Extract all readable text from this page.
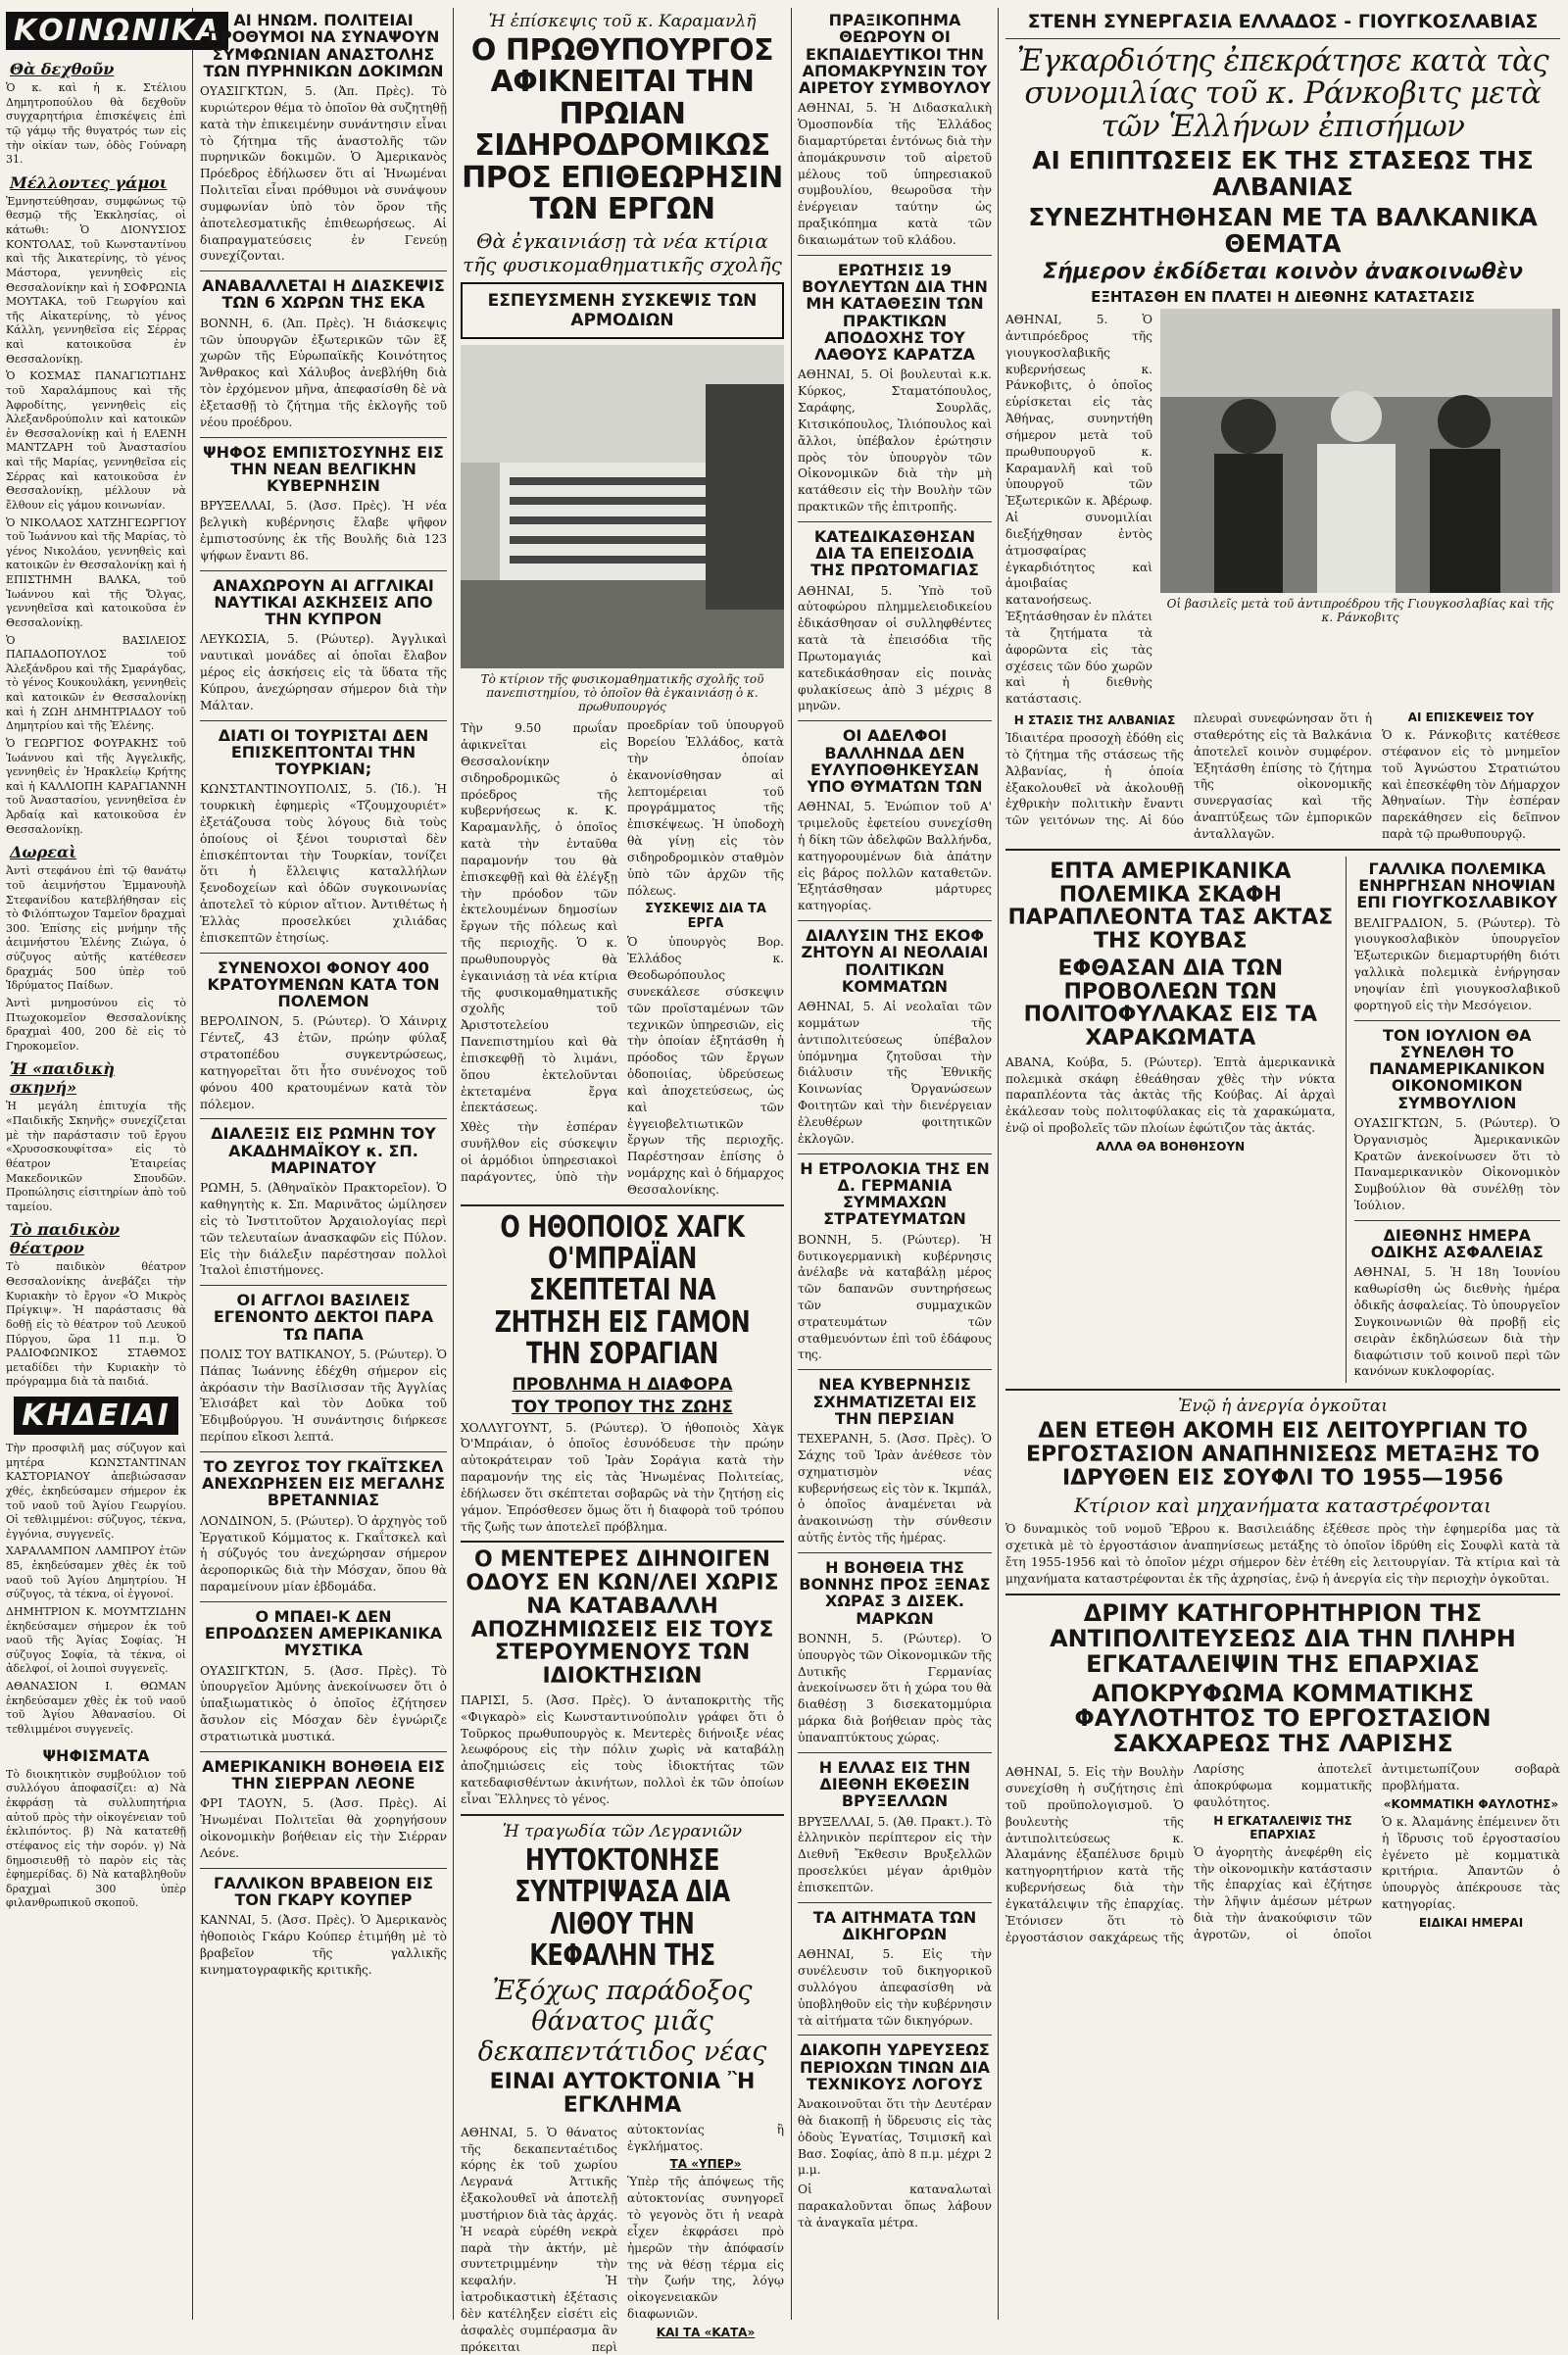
ΚΟΙΝΩΝΙΚΑ
Θὰ δεχθοῦν

Ὁ κ. καὶ ἡ κ. Στέλιου Δημητροπούλου θὰ δεχθοῦν συγχαρητήρια ἐπισκέψεις ἐπὶ τῷ γάμῳ τῆς θυγατρός των εἰς τὴν οἰκίαν των, ὁδὸς Γούναρη 31.

Μέλλοντες γάμοι

Ἐμνηστεύθησαν, συμφώνως τῷ θεσμῷ τῆς Ἐκκλησίας, οἱ κάτωθι: Ὁ ΔΙΟΝΥΣΙΟΣ ΚΟΝΤΟΛΑΣ, τοῦ Κωνσταντίνου καὶ τῆς Ἀικατερίνης, τὸ γένος Μάστορα, γεννηθεὶς εἰς Θεσσαλονίκην καὶ ἡ ΣΟΦΡΩΝΙΑ ΜΟΥΤΑΚΑ, τοῦ Γεωργίου καὶ τῆς Αἰκατερίνης, τὸ γένος Κάλλη, γεννηθεῖσα εἰς Σέρρας καὶ κατοικοῦσα ἐν Θεσσαλονίκῃ.

Ὁ ΚΟΣΜΑΣ ΠΑΝΑΓΙΩΤΙΔΗΣ τοῦ Χαραλάμπους καὶ τῆς Ἀφροδίτης, γεννηθεὶς εἰς Ἀλεξανδρούπολιν καὶ κατοικῶν ἐν Θεσσαλονίκῃ καὶ ἡ ΕΛΕΝΗ ΜΑΝΤΖΑΡΗ τοῦ Ἀναστασίου καὶ τῆς Μαρίας, γεννηθεῖσα εἰς Σέρρας καὶ κατοικοῦσα ἐν Θεσσαλονίκῃ, μέλλουν νὰ ἔλθουν εἰς γάμου κοινωνίαν.

Ὁ ΝΙΚΟΛΑΟΣ ΧΑΤΖΗΓΕΩΡΓΙΟΥ τοῦ Ἰωάννου καὶ τῆς Μαρίας, τὸ γένος Νικολάου, γεννηθεὶς καὶ κατοικῶν ἐν Θεσσαλονίκῃ καὶ ἡ ΕΠΙΣΤΗΜΗ ΒΑΛΚΑ, τοῦ Ἰωάννου καὶ τῆς Ὄλγας, γεννηθεῖσα καὶ κατοικοῦσα ἐν Θεσσαλονίκῃ.

Ὁ ΒΑΣΙΛΕΙΟΣ ΠΑΠΑΔΟΠΟΥΛΟΣ τοῦ Ἀλεξάνδρου καὶ τῆς Σμαράγδας, τὸ γένος Κουκουλάκη, γεννηθεὶς καὶ κατοικῶν ἐν Θεσσαλονίκῃ καὶ ἡ ΖΩΗ ΔΗΜΗΤΡΙΑΔΟΥ τοῦ Δημητρίου καὶ τῆς Ἐλένης.

Ὁ ΓΕΩΡΓΙΟΣ ΦΟΥΡΑΚΗΣ τοῦ Ἰωάννου καὶ τῆς Ἀγγελικῆς, γεννηθεὶς ἐν Ἡρακλείῳ Κρήτης καὶ ἡ ΚΑΛΛΙΟΠΗ ΚΑΡΑΓΙΑΝΝΗ τοῦ Ἀναστασίου, γεννηθεῖσα ἐν Ἀρδαίᾳ καὶ κατοικοῦσα ἐν Θεσσαλονίκῃ.

Δωρεαὶ

Ἀντὶ στεφάνου ἐπὶ τῷ θανάτῳ τοῦ ἀειμνήστου Ἐμμανουὴλ Στεφανίδου κατεβλήθησαν εἰς τὸ Φιλόπτωχον Ταμεῖον δραχμαὶ 300. Ἐπίσης εἰς μνήμην τῆς ἀειμνήστου Ἐλένης Ζιώγα, ὁ σύζυγος αὐτῆς κατέθεσεν δραχμάς 500 ὑπὲρ τοῦ Ἱδρύματος Παίδων.

Ἀντὶ μνημοσύνου εἰς τὸ Πτωχοκομεῖον Θεσσαλονίκης δραχμαὶ 400, 200 δὲ εἰς τὸ Γηροκομεῖον.

Ἡ «παιδικὴ σκηνή»

Ἡ μεγάλη ἐπιτυχία τῆς «Παιδικῆς Σκηνῆς» συνεχίζεται μὲ τὴν παράστασιν τοῦ ἔργου «Χρυσοσκουφίτσα» εἰς τὸ θέατρον Ἑταιρείας Μακεδονικῶν Σπουδῶν. Προπώλησις εἰσιτηρίων ἀπὸ τοῦ ταμείου.

Τὸ παιδικὸν θέατρον

Τὸ παιδικὸν θέατρον Θεσσαλονίκης ἀνεβάζει τὴν Κυριακὴν τὸ ἔργον «Ὁ Μικρὸς Πρίγκιψ». Ἡ παράστασις θὰ δοθῇ εἰς τὸ θέατρον τοῦ Λευκοῦ Πύργου, ὥρα 11 π.μ. Ὁ ΡΑΔΙΟΦΩΝΙΚΟΣ ΣΤΑΘΜΟΣ μεταδίδει τὴν Κυριακὴν τὸ πρόγραμμα διὰ τὰ παιδιά.

ΚΗΔΕΙΑΙ

Τὴν προσφιλῆ μας σύζυγον καὶ μητέρα ΚΩΝΣΤΑΝΤΙΝΑΝ ΚΑΣΤΟΡΙΑΝΟΥ ἀπεβιώσασαν χθές, ἐκηδεύσαμεν σήμερον ἐκ τοῦ ναοῦ τοῦ Ἁγίου Γεωργίου. Οἱ τεθλιμμένοι: σύζυγος, τέκνα, ἐγγόνια, συγγενεῖς.

ΧΑΡΑΛΑΜΠΟΝ ΛΑΜΠΡΟΥ ἐτῶν 85, ἐκηδεύσαμεν χθὲς ἐκ τοῦ ναοῦ τοῦ Ἁγίου Δημητρίου. Ἡ σύζυγος, τὰ τέκνα, οἱ ἐγγονοί.

ΔΗΜΗΤΡΙΟΝ Κ. ΜΟΥΜΤΖΙΔΗΝ ἐκηδεύσαμεν σήμερον ἐκ τοῦ ναοῦ τῆς Ἁγίας Σοφίας. Ἡ σύζυγος Σοφία, τὰ τέκνα, οἱ ἀδελφοί, οἱ λοιποὶ συγγενεῖς.

ΑΘΑΝΑΣΙΟΝ Ι. ΘΩΜΑΝ ἐκηδεύσαμεν χθὲς ἐκ τοῦ ναοῦ τοῦ Ἁγίου Ἀθανασίου. Οἱ τεθλιμμένοι συγγενεῖς.

ΨΗΦΙΣΜΑΤΑ

Τὸ διοικητικὸν συμβούλιον τοῦ συλλόγου ἀποφασίζει: α) Νὰ ἐκφράσῃ τὰ συλλυπητήρια αὐτοῦ πρὸς τὴν οἰκογένειαν τοῦ ἐκλιπόντος. β) Νὰ κατατεθῇ στέφανος εἰς τὴν σορόν. γ) Νὰ δημοσιευθῇ τὸ παρὸν εἰς τὰς ἐφημερίδας. δ) Νὰ καταβληθοῦν δραχμαὶ 300 ὑπὲρ φιλανθρωπικοῦ σκοποῦ.

ΑΙ ΗΝΩΜ. ΠΟΛΙΤΕΙΑΙ ΠΡΟΘΥΜΟΙ ΝΑ ΣΥΝΑΨΟΥΝ ΣΥΜΦΩΝΙΑΝ ΑΝΑΣΤΟΛΗΣ ΤΩΝ ΠΥΡΗΝΙΚΩΝ ΔΟΚΙΜΩΝ

ΟΥΑΣΙΓΚΤΩΝ, 5. (Ἀπ. Πρὲς). Τὸ κυριώτερον θέμα τὸ ὁποῖον θὰ συζητηθῇ κατὰ τὴν ἐπικειμένην συνάντησιν εἶναι τὸ ζήτημα τῆς ἀναστολῆς τῶν πυρηνικῶν δοκιμῶν. Ὁ Ἀμερικανὸς Πρόεδρος ἐδήλωσεν ὅτι αἱ Ἡνωμέναι Πολιτεῖαι εἶναι πρόθυμοι νὰ συνάψουν συμφωνίαν ὑπὸ τὸν ὅρον τῆς ἀποτελεσματικῆς ἐπιθεωρήσεως. Αἱ διαπραγματεύσεις ἐν Γενεύῃ συνεχίζονται.

ΑΝΑΒΑΛΛΕΤΑΙ Η ΔΙΑΣΚΕΨΙΣ ΤΩΝ 6 ΧΩΡΩΝ ΤΗΣ ΕΚΑ

ΒΟΝΝΗ, 6. (Ἀπ. Πρὲς). Ἡ διάσκεψις τῶν ὑπουργῶν ἐξωτερικῶν τῶν ἓξ χωρῶν τῆς Εὐρωπαϊκῆς Κοινότητος Ἄνθρακος καὶ Χάλυβος ἀνεβλήθη διὰ τὸν ἐρχόμενον μῆνα, ἀπεφασίσθη δὲ νὰ ἐξετασθῇ τὸ ζήτημα τῆς ἐκλογῆς τοῦ νέου προέδρου.

ΨΗΦΟΣ ΕΜΠΙΣΤΟΣΥΝΗΣ ΕΙΣ ΤΗΝ ΝΕΑΝ ΒΕΛΓΙΚΗΝ ΚΥΒΕΡΝΗΣΙΝ

ΒΡΥΞΕΛΛΑΙ, 5. (Ἀσσ. Πρὲς). Ἡ νέα βελγικὴ κυβέρνησις ἔλαβε ψῆφον ἐμπιστοσύνης ἐκ τῆς Βουλῆς διὰ 123 ψήφων ἔναντι 86.

ΑΝΑΧΩΡΟΥΝ ΑΙ ΑΓΓΛΙΚΑΙ ΝΑΥΤΙΚΑΙ ΑΣΚΗΣΕΙΣ ΑΠΟ ΤΗΝ ΚΥΠΡΟΝ

ΛΕΥΚΩΣΙΑ, 5. (Ρώυτερ). Ἀγγλικαὶ ναυτικαὶ μονάδες αἱ ὁποῖαι ἔλαβον μέρος εἰς ἀσκήσεις εἰς τὰ ὕδατα τῆς Κύπρου, ἀνεχώρησαν σήμερον διὰ τὴν Μάλταν.

ΔΙΑΤΙ ΟΙ ΤΟΥΡΙΣΤΑΙ ΔΕΝ ΕΠΙΣΚΕΠΤΟΝΤΑΙ ΤΗΝ ΤΟΥΡΚΙΑΝ;

ΚΩΝΣΤΑΝΤΙΝΟΥΠΟΛΙΣ, 5. (Ἰδ.). Ἡ τουρκικὴ ἐφημερὶς «Τζουμχουριέτ» ἐξετάζουσα τοὺς λόγους διὰ τοὺς ὁποίους οἱ ξένοι τουρισταὶ δὲν ἐπισκέπτονται τὴν Τουρκίαν, τονίζει ὅτι ἡ ἔλλειψις καταλλήλων ξενοδοχείων καὶ ὁδῶν συγκοινωνίας ἀποτελεῖ τὸ κύριον αἴτιον. Ἀντιθέτως ἡ Ἑλλὰς προσελκύει χιλιάδας ἐπισκεπτῶν ἐτησίως.

ΣΥΝΕΝΟΧΟΙ ΦΟΝΟΥ 400 ΚΡΑΤΟΥΜΕΝΩΝ ΚΑΤΑ ΤΟΝ ΠΟΛΕΜΟΝ

ΒΕΡΟΛΙΝΟΝ, 5. (Ρώυτερ). Ὁ Χάινριχ Γέντεζ, 43 ἐτῶν, πρώην φύλαξ στρατοπέδου συγκεντρώσεως, κατηγορεῖται ὅτι ἦτο συνένοχος τοῦ φόνου 400 κρατουμένων κατὰ τὸν πόλεμον.

ΔΙΑΛΕΞΙΣ ΕΙΣ ΡΩΜΗΝ ΤΟΥ ΑΚΑΔΗΜΑΪΚΟΥ κ. ΣΠ. ΜΑΡΙΝΑΤΟΥ

ΡΩΜΗ, 5. (Ἀθηναϊκὸν Πρακτορεῖον). Ὁ καθηγητὴς κ. Σπ. Μαρινᾶτος ὡμίλησεν εἰς τὸ Ἰνστιτοῦτον Ἀρχαιολογίας περὶ τῶν τελευταίων ἀνασκαφῶν εἰς Πύλον. Εἰς τὴν διάλεξιν παρέστησαν πολλοὶ Ἰταλοὶ ἐπιστήμονες.

ΟΙ ΑΓΓΛΟΙ ΒΑΣΙΛΕΙΣ ΕΓΕΝΟΝΤΟ ΔΕΚΤΟΙ ΠΑΡΑ ΤΩ ΠΑΠΑ

ΠΟΛΙΣ ΤΟΥ ΒΑΤΙΚΑΝΟΥ, 5. (Ρώυτερ). Ὁ Πάπας Ἰωάννης ἐδέχθη σήμερον εἰς ἀκρόασιν τὴν Βασίλισσαν τῆς Ἀγγλίας Ἐλισάβετ καὶ τὸν Δοῦκα τοῦ Ἐδιμβούργου. Ἡ συνάντησις διήρκεσε περίπου εἴκοσι λεπτά.

ΤΟ ΖΕΥΓΟΣ ΤΟΥ ΓΚΑΪΤΣΚΕΛ ΑΝΕΧΩΡΗΣΕΝ ΕΙΣ ΜΕΓΑΛΗΣ ΒΡΕΤΑΝΝΙΑΣ

ΛΟΝΔΙΝΟΝ, 5. (Ρώυτερ). Ὁ ἀρχηγὸς τοῦ Ἐργατικοῦ Κόμματος κ. Γκαΐτσκελ καὶ ἡ σύζυγός του ἀνεχώρησαν σήμερον ἀεροπορικῶς διὰ τὴν Μόσχαν, ὅπου θὰ παραμείνουν μίαν ἑβδομάδα.

Ο ΜΠΑΕΙ-Κ ΔΕΝ ΕΠΡΟΔΩΣΕΝ ΑΜΕΡΙΚΑΝΙΚΑ ΜΥΣΤΙΚΑ

ΟΥΑΣΙΓΚΤΩΝ, 5. (Ἀσσ. Πρὲς). Τὸ ὑπουργεῖον Ἀμύνης ἀνεκοίνωσεν ὅτι ὁ ὑπαξιωματικὸς ὁ ὁποῖος ἐζήτησεν ἄσυλον εἰς Μόσχαν δὲν ἐγνώριζε στρατιωτικὰ μυστικά.

ΑΜΕΡΙΚΑΝΙΚΗ ΒΟΗΘΕΙΑ ΕΙΣ ΤΗΝ ΣΙΕΡΡΑΝ ΛΕΟΝΕ

ΦΡΙ ΤΑΟΥΝ, 5. (Ἀσσ. Πρὲς). Αἱ Ἡνωμέναι Πολιτεῖαι θὰ χορηγήσουν οἰκονομικὴν βοήθειαν εἰς τὴν Σιέρραν Λεόνε.

ΓΑΛΛΙΚΟΝ ΒΡΑΒΕΙΟΝ ΕΙΣ ΤΟΝ ΓΚΑΡΥ ΚΟΥΠΕΡ

ΚΑΝΝΑΙ, 5. (Ἀσσ. Πρὲς). Ὁ Ἀμερικανὸς ἠθοποιὸς Γκάρυ Κούπερ ἐτιμήθη μὲ τὸ βραβεῖον τῆς γαλλικῆς κινηματογραφικῆς κριτικῆς.

Ἡ ἐπίσκεψις τοῦ κ. Καραμανλῆ
Ο ΠΡΩΘΥΠΟΥΡΓΟΣ ΑΦΙΚΝΕΙΤΑΙ ΤΗΝ ΠΡΩΙΑΝ ΣΙΔΗΡΟΔΡΟΜΙΚΩΣ ΠΡΟΣ ΕΠΙΘΕΩΡΗΣΙΝ ΤΩΝ ΕΡΓΩΝ
Θὰ ἐγκαινιάσῃ τὰ νέα κτίρια τῆς φυσικομαθηματικῆς σχολῆς
ΕΣΠΕΥΣΜΕΝΗ ΣΥΣΚΕΨΙΣ ΤΩΝ ΑΡΜΟΔΙΩΝ
Τὸ κτίριον τῆς φυσικομαθηματικῆς σχολῆς τοῦ πανεπιστημίου, τὸ ὁποῖον θὰ ἐγκαινιάσῃ ὁ κ. πρωθυπουργός

Τὴν 9.50 πρωΐαν ἀφικνεῖται εἰς Θεσσαλονίκην σιδηροδρομικῶς ὁ πρόεδρος τῆς κυβερνήσεως κ. Κ. Καραμανλῆς, ὁ ὁποῖος κατὰ τὴν ἐνταῦθα παραμονήν του θὰ ἐπισκεφθῇ καὶ θὰ ἐλέγξῃ τὴν πρόοδον τῶν ἐκτελουμένων δημοσίων ἔργων τῆς πόλεως καὶ τῆς περιοχῆς. Ὁ κ. πρωθυπουργὸς θὰ ἐγκαινιάσῃ τὰ νέα κτίρια τῆς φυσικομαθηματικῆς σχολῆς τοῦ Ἀριστοτελείου Πανεπιστημίου καὶ θὰ ἐπισκεφθῇ τὸ λιμάνι, ὅπου ἐκτελοῦνται ἐκτεταμένα ἔργα ἐπεκτάσεως.

Χθὲς τὴν ἑσπέραν συνῆλθον εἰς σύσκεψιν οἱ ἁρμόδιοι ὑπηρεσιακοὶ παράγοντες, ὑπὸ τὴν προεδρίαν τοῦ ὑπουργοῦ Βορείου Ἑλλάδος, κατὰ τὴν ὁποίαν ἐκανονίσθησαν αἱ λεπτομέρειαι τοῦ προγράμματος τῆς ἐπισκέψεως. Ἡ ὑποδοχὴ θὰ γίνῃ εἰς τὸν σιδηροδρομικὸν σταθμὸν ὑπὸ τῶν ἀρχῶν τῆς πόλεως.

ΣΥΣΚΕΨΙΣ ΔΙΑ ΤΑ ΕΡΓΑ

Ὁ ὑπουργὸς Βορ. Ἑλλάδος κ. Θεοδωρόπουλος συνεκάλεσε σύσκεψιν τῶν προϊσταμένων τῶν τεχνικῶν ὑπηρεσιῶν, εἰς τὴν ὁποίαν ἐξητάσθη ἡ πρόοδος τῶν ἔργων ὁδοποιίας, ὑδρεύσεως καὶ ἀποχετεύσεως, ὡς καὶ τῶν ἐγγειοβελτιωτικῶν ἔργων τῆς περιοχῆς. Παρέστησαν ἐπίσης ὁ νομάρχης καὶ ὁ δήμαρχος Θεσσαλονίκης.

Ο ΗΘΟΠΟΙΟΣ ΧΑΓΚ Ο'ΜΠΡΑΪΑΝ ΣΚΕΠΤΕΤΑΙ ΝΑ ΖΗΤΗΣΗ ΕΙΣ ΓΑΜΟΝ ΤΗΝ ΣΟΡΑΓΙΑΝ
ΠΡΟΒΛΗΜΑ Η ΔΙΑΦΟΡΑ
ΤΟΥ ΤΡΟΠΟΥ ΤΗΣ ΖΩΗΣ

ΧΟΛΛΥΓΟΥΝΤ, 5. (Ρώυτερ). Ὁ ἠθοποιὸς Χὰγκ Ὀ'Μπράιαν, ὁ ὁποῖος ἐσυνόδευσε τὴν πρώην αὐτοκράτειραν τοῦ Ἰρὰν Σοράγια κατὰ τὴν παραμονήν της εἰς τὰς Ἡνωμένας Πολιτείας, ἐδήλωσεν ὅτι σκέπτεται σοβαρῶς νὰ τὴν ζητήσῃ εἰς γάμον. Ἐπρόσθεσεν ὅμως ὅτι ἡ διαφορὰ τοῦ τρόπου τῆς ζωῆς των ἀποτελεῖ πρόβλημα.

Ο ΜΕΝΤΕΡΕΣ ΔΙΗΝΟΙΓΕΝ ΟΔΟΥΣ ΕΝ ΚΩΝ/ΛΕΙ ΧΩΡΙΣ ΝΑ ΚΑΤΑΒΑΛΛΗ ΑΠΟΖΗΜΙΩΣΕΙΣ ΕΙΣ ΤΟΥΣ ΣΤΕΡΟΥΜΕΝΟΥΣ ΤΩΝ ΙΔΙΟΚΤΗΣΙΩΝ

ΠΑΡΙΣΙ, 5. (Ἀσσ. Πρὲς). Ὁ ἀνταποκριτὴς τῆς «Φιγκαρὸ» εἰς Κωνσταντινούπολιν γράφει ὅτι ὁ Τοῦρκος πρωθυπουργὸς κ. Μεντερὲς διήνοιξε νέας λεωφόρους εἰς τὴν πόλιν χωρὶς νὰ καταβάλῃ ἀποζημιώσεις εἰς τοὺς ἰδιοκτήτας τῶν κατεδαφισθέντων ἀκινήτων, πολλοὶ ἐκ τῶν ὁποίων εἶναι Ἕλληνες τὸ γένος.

Ἡ τραγωδία τῶν Λεγρανιῶν
ΗΥΤΟΚΤΟΝΗΣΕ ΣΥΝΤΡΙΨΑΣΑ ΔΙΑ ΛΙΘΟΥ ΤΗΝ ΚΕΦΑΛΗΝ ΤΗΣ
Ἐξόχως παράδοξος θάνατος μιᾶς δεκαπεντάτιδος νέας
ΕΙΝΑΙ ΑΥΤΟΚΤΟΝΙΑ Ἢ ΕΓΚΛΗΜΑ

ΑΘΗΝΑΙ, 5. Ὁ θάνατος τῆς δεκαπενταέτιδος κόρης ἐκ τοῦ χωρίου Λεγρανά Ἀττικῆς ἐξακολουθεῖ νὰ ἀποτελῇ μυστήριον διὰ τὰς ἀρχάς. Ἡ νεαρὰ εὑρέθη νεκρὰ παρὰ τὴν ἀκτήν, μὲ συντετριμμένην τὴν κεφαλήν. Ἡ ἰατροδικαστικὴ ἐξέτασις δὲν κατέληξεν εἰσέτι εἰς ἀσφαλὲς συμπέρασμα ἂν πρόκειται περὶ αὐτοκτονίας ἢ ἐγκλήματος.

ΤΑ «ΥΠΕΡ»

Ὑπὲρ τῆς ἀπόψεως τῆς αὐτοκτονίας συνηγορεῖ τὸ γεγονὸς ὅτι ἡ νεαρὰ εἶχεν ἐκφράσει πρὸ ἡμερῶν τὴν ἀπόφασίν της νὰ θέσῃ τέρμα εἰς τὴν ζωήν της, λόγῳ οἰκογενειακῶν διαφωνιῶν.

ΚΑΙ ΤΑ «ΚΑΤΑ»
ΠΡΑΞΙΚΟΠΗΜΑ ΘΕΩΡΟΥΝ ΟΙ ΕΚΠΑΙΔΕΥΤΙΚΟΙ ΤΗΝ ΑΠΟΜΑΚΡΥΝΣΙΝ ΤΟΥ ΑΙΡΕΤΟΥ ΣΥΜΒΟΥΛΟΥ

ΑΘΗΝΑΙ, 5. Ἡ Διδασκαλικὴ Ὁμοσπονδία τῆς Ἑλλάδος διαμαρτύρεται ἐντόνως διὰ τὴν ἀπομάκρυνσιν τοῦ αἱρετοῦ μέλους τοῦ ὑπηρεσιακοῦ συμβουλίου, θεωροῦσα τὴν ἐνέργειαν ταύτην ὡς πραξικόπημα κατὰ τῶν δικαιωμάτων τοῦ κλάδου.

ΕΡΩΤΗΣΙΣ 19 ΒΟΥΛΕΥΤΩΝ ΔΙΑ ΤΗΝ ΜΗ ΚΑΤΑΘΕΣΙΝ ΤΩΝ ΠΡΑΚΤΙΚΩΝ ΑΠΟΔΟΧΗΣ ΤΟΥ ΛΑΘΟΥΣ ΚΑΡΑΤΖΑ

ΑΘΗΝΑΙ, 5. Οἱ βουλευταὶ κ.κ. Κύρκος, Σταματόπουλος, Σαράφης, Σουρλᾶς, Κιτσικόπουλος, Ἰλιόπουλος καὶ ἄλλοι, ὑπέβαλον ἐρώτησιν πρὸς τὸν ὑπουργὸν τῶν Οἰκονομικῶν διὰ τὴν μὴ κατάθεσιν εἰς τὴν Βουλὴν τῶν πρακτικῶν τῆς ἐπιτροπῆς.

ΚΑΤΕΔΙΚΑΣΘΗΣΑΝ ΔΙΑ ΤΑ ΕΠΕΙΣΟΔΙΑ ΤΗΣ ΠΡΩΤΟΜΑΓΙΑΣ

ΑΘΗΝΑΙ, 5. Ὑπὸ τοῦ αὐτοφώρου πλημμελειοδικείου ἐδικάσθησαν οἱ συλληφθέντες κατὰ τὰ ἐπεισόδια τῆς Πρωτομαγιάς καὶ κατεδικάσθησαν εἰς ποινὰς φυλακίσεως ἀπὸ 3 μέχρις 8 μηνῶν.

ΟΙ ΑΔΕΛΦΟΙ ΒΑΛΛΗΝΔΑ ΔΕΝ ΕΥΛΥΠΟΘΗΚΕΥΣΑΝ ΥΠΟ ΘΥΜΑΤΩΝ ΤΩΝ

ΑΘΗΝΑΙ, 5. Ἐνώπιον τοῦ Α' τριμελοῦς ἐφετείου συνεχίσθη ἡ δίκη τῶν ἀδελφῶν Βαλλήνδα, κατηγορουμένων διὰ ἀπάτην εἰς βάρος πολλῶν καταθετῶν. Ἐξητάσθησαν μάρτυρες κατηγορίας.

ΔΙΑΛΥΣΙΝ ΤΗΣ ΕΚΟΦ ΖΗΤΟΥΝ ΑΙ ΝΕΟΛΑΙΑΙ ΠΟΛΙΤΙΚΩΝ ΚΟΜΜΑΤΩΝ

ΑΘΗΝΑΙ, 5. Αἱ νεολαῖαι τῶν κομμάτων τῆς ἀντιπολιτεύσεως ὑπέβαλον ὑπόμνημα ζητοῦσαι τὴν διάλυσιν τῆς Ἐθνικῆς Κοινωνίας Ὀργανώσεων Φοιτητῶν καὶ τὴν διενέργειαν ἐλευθέρων φοιτητικῶν ἐκλογῶν.

Η ΕΤΡΟΛΟΚΙΑ ΤΗΣ ΕΝ Δ. ΓΕΡΜΑΝΙΑ ΣΥΜΜΑΧΩΝ ΣΤΡΑΤΕΥΜΑΤΩΝ

ΒΟΝΝΗ, 5. (Ρώυτερ). Ἡ δυτικογερμανικὴ κυβέρνησις ἀνέλαβε νὰ καταβάλῃ μέρος τῶν δαπανῶν συντηρήσεως τῶν συμμαχικῶν στρατευμάτων τῶν σταθμευόντων ἐπὶ τοῦ ἐδάφους της.

ΝΕΑ ΚΥΒΕΡΝΗΣΙΣ ΣΧΗΜΑΤΙΖΕΤΑΙ ΕΙΣ ΤΗΝ ΠΕΡΣΙΑΝ

ΤΕΧΕΡΑΝΗ, 5. (Ἀσσ. Πρὲς). Ὁ Σάχης τοῦ Ἰρὰν ἀνέθεσε τὸν σχηματισμὸν νέας κυβερνήσεως εἰς τὸν κ. Ἰκμπάλ, ὁ ὁποῖος ἀναμένεται νὰ ἀνακοινώσῃ τὴν σύνθεσιν αὐτῆς ἐντὸς τῆς ἡμέρας.

Η ΒΟΗΘΕΙΑ ΤΗΣ ΒΟΝΝΗΣ ΠΡΟΣ ΞΕΝΑΣ ΧΩΡΑΣ 3 ΔΙΣΕΚ. ΜΑΡΚΩΝ

ΒΟΝΝΗ, 5. (Ρώυτερ). Ὁ ὑπουργὸς τῶν Οἰκονομικῶν τῆς Δυτικῆς Γερμανίας ἀνεκοίνωσεν ὅτι ἡ χώρα του θὰ διαθέσῃ 3 δισεκατομμύρια μάρκα διὰ βοήθειαν πρὸς τὰς ὑπαναπτύκτους χώρας.

Η ΕΛΛΑΣ ΕΙΣ ΤΗΝ ΔΙΕΘΝΗ ΕΚΘΕΣΙΝ ΒΡΥΞΕΛΛΩΝ

ΒΡΥΞΕΛΛΑΙ, 5. (Ἀθ. Πρακτ.). Τὸ ἑλληνικὸν περίπτερον εἰς τὴν Διεθνῆ Ἔκθεσιν Βρυξελλῶν προσελκύει μέγαν ἀριθμὸν ἐπισκεπτῶν.

ΤΑ ΑΙΤΗΜΑΤΑ ΤΩΝ ΔΙΚΗΓΟΡΩΝ

ΑΘΗΝΑΙ, 5. Εἰς τὴν συνέλευσιν τοῦ δικηγορικοῦ συλλόγου ἀπεφασίσθη νὰ ὑποβληθοῦν εἰς τὴν κυβέρνησιν τὰ αἰτήματα τῶν δικηγόρων.

ΔΙΑΚΟΠΗ ΥΔΡΕΥΣΕΩΣ ΠΕΡΙΟΧΩΝ ΤΙΝΩΝ ΔΙΑ ΤΕΧΝΙΚΟΥΣ ΛΟΓΟΥΣ

Ἀνακοινοῦται ὅτι τὴν Δευτέραν θὰ διακοπῇ ἡ ὕδρευσις εἰς τὰς ὁδοὺς Ἐγνατίας, Τσιμισκῆ καὶ Βασ. Σοφίας, ἀπὸ 8 π.μ. μέχρι 2 μ.μ.

Οἱ καταναλωταὶ παρακαλοῦνται ὅπως λάβουν τὰ ἀναγκαῖα μέτρα.

ΣΤΕΝΗ ΣΥΝΕΡΓΑΣΙΑ ΕΛΛΑΔΟΣ - ΓΙΟΥΓΚΟΣΛΑΒΙΑΣ
Ἐγκαρδιότης ἐπεκράτησε κατὰ τὰς συνομιλίας τοῦ κ. Ράνκοβιτς μετὰ τῶν Ἑλλήνων ἐπισήμων
ΑΙ ΕΠΙΠΤΩΣΕΙΣ ΕΚ ΤΗΣ ΣΤΑΣΕΩΣ ΤΗΣ ΑΛΒΑΝΙΑΣ
ΣΥΝΕΖΗΤΗΘΗΣΑΝ ΜΕ ΤΑ ΒΑΛΚΑΝΙΚΑ ΘΕΜΑΤΑ
Σήμερον ἐκδίδεται κοινὸν ἀνακοινωθὲν
ΕΞΗΤΑΣΘΗ ΕΝ ΠΛΑΤΕΙ Η ΔΙΕΘΝΗΣ ΚΑΤΑΣΤΑΣΙΣ

ΑΘΗΝΑΙ, 5. Ὁ ἀντιπρόεδρος τῆς γιουγκοσλαβικῆς κυβερνήσεως κ. Ράνκοβιτς, ὁ ὁποῖος εὑρίσκεται εἰς τὰς Ἀθήνας, συνηντήθη σήμερον μετὰ τοῦ πρωθυπουργοῦ κ. Καραμανλῆ καὶ τοῦ ὑπουργοῦ τῶν Ἐξωτερικῶν κ. Ἀβέρωφ. Αἱ συνομιλίαι διεξήχθησαν ἐντὸς ἀτμοσφαίρας ἐγκαρδιότητος καὶ ἀμοιβαίας κατανοήσεως. Ἐξητάσθησαν ἐν πλάτει τὰ ζητήματα τὰ ἀφορῶντα εἰς τὰς σχέσεις τῶν δύο χωρῶν καὶ ἡ διεθνὴς κατάστασις.

Οἱ βασιλεῖς μετὰ τοῦ ἀντιπροέδρου τῆς Γιουγκοσλαβίας καὶ τῆς κ. Ράνκοβιτς
Η ΣΤΑΣΙΣ ΤΗΣ ΑΛΒΑΝΙΑΣ

Ἰδιαιτέρα προσοχὴ ἐδόθη εἰς τὸ ζήτημα τῆς στάσεως τῆς Ἀλβανίας, ἡ ὁποία ἐξακολουθεῖ νὰ ἀκολουθῇ ἐχθρικὴν πολιτικὴν ἔναντι τῶν γειτόνων της. Αἱ δύο πλευραὶ συνεφώνησαν ὅτι ἡ σταθερότης εἰς τὰ Βαλκάνια ἀποτελεῖ κοινὸν συμφέρον. Ἐξητάσθη ἐπίσης τὸ ζήτημα τῆς οἰκονομικῆς συνεργασίας καὶ τῆς ἀναπτύξεως τῶν ἐμπορικῶν ἀνταλλαγῶν.

ΑΙ ΕΠΙΣΚΕΨΕΙΣ ΤΟΥ

Ὁ κ. Ράνκοβιτς κατέθεσε στέφανον εἰς τὸ μνημεῖον τοῦ Ἀγνώστου Στρατιώτου καὶ ἐπεσκέφθη τὸν Δήμαρχον Ἀθηναίων. Τὴν ἑσπέραν παρεκάθησεν εἰς δεῖπνον παρὰ τῷ πρωθυπουργῷ.

ΕΠΤΑ ΑΜΕΡΙΚΑΝΙΚΑ ΠΟΛΕΜΙΚΑ ΣΚΑΦΗ ΠΑΡΑΠΛΕΟΝΤΑ ΤΑΣ ΑΚΤΑΣ ΤΗΣ ΚΟΥΒΑΣ
ΕΦΘΑΣΑΝ ΔΙΑ ΤΩΝ ΠΡΟΒΟΛΕΩΝ ΤΩΝ ΠΟΛΙΤΟΦΥΛΑΚΑΣ ΕΙΣ ΤΑ ΧΑΡΑΚΩΜΑΤΑ

ΑΒΑΝΑ, Κούβα, 5. (Ρώυτερ). Ἑπτὰ ἀμερικανικὰ πολεμικὰ σκάφη ἐθεάθησαν χθὲς τὴν νύκτα παραπλέοντα τὰς ἀκτὰς τῆς Κούβας. Αἱ ἀρχαὶ ἐκάλεσαν τοὺς πολιτοφύλακας εἰς τὰ χαρακώματα, ἐνῷ οἱ προβολεῖς τῶν πλοίων ἐφώτιζον τὰς ἀκτάς.

ΑΛΛΑ ΘΑ ΒΟΗΘΗΣΟΥΝ
ΓΑΛΛΙΚΑ ΠΟΛΕΜΙΚΑ ΕΝΗΡΓΗΣΑΝ ΝΗΟΨΙΑΝ ΕΠΙ ΓΙΟΥΓΚΟΣΛΑΒΙΚΟΥ

ΒΕΛΙΓΡΑΔΙΟΝ, 5. (Ρώυτερ). Τὸ γιουγκοσλαβικὸν ὑπουργεῖον Ἐξωτερικῶν διεμαρτυρήθη διότι γαλλικὰ πολεμικὰ ἐνήργησαν νηοψίαν ἐπὶ γιουγκοσλαβικοῦ φορτηγοῦ εἰς τὴν Μεσόγειον.

ΤΟΝ ΙΟΥΛΙΟΝ ΘΑ ΣΥΝΕΛΘΗ ΤΟ ΠΑΝΑΜΕΡΙΚΑΝΙΚΟΝ ΟΙΚΟΝΟΜΙΚΟΝ ΣΥΜΒΟΥΛΙΟΝ

ΟΥΑΣΙΓΚΤΩΝ, 5. (Ρώυτερ). Ὁ Ὀργανισμὸς Ἀμερικανικῶν Κρατῶν ἀνεκοίνωσεν ὅτι τὸ Παναμερικανικὸν Οἰκονομικὸν Συμβούλιον θὰ συνέλθῃ τὸν Ἰούλιον.

ΔΙΕΘΝΗΣ ΗΜΕΡΑ ΟΔΙΚΗΣ ΑΣΦΑΛΕΙΑΣ

ΑΘΗΝΑΙ, 5. Ἡ 18η Ἰουνίου καθωρίσθη ὡς διεθνὴς ἡμέρα ὁδικῆς ἀσφαλείας. Τὸ ὑπουργεῖον Συγκοινωνιῶν θὰ προβῇ εἰς σειρὰν ἐκδηλώσεων διὰ τὴν διαφώτισιν τοῦ κοινοῦ περὶ τῶν κανόνων κυκλοφορίας.

Ἐνῷ ἡ ἀνεργία ὀγκοῦται
ΔΕΝ ΕΤΕΘΗ ΑΚΟΜΗ ΕΙΣ ΛΕΙΤΟΥΡΓΙΑΝ ΤΟ ΕΡΓΟΣΤΑΣΙΟΝ ΑΝΑΠΗΝΙΣΕΩΣ ΜΕΤΑΞΗΣ ΤΟ ΙΔΡΥΘΕΝ ΕΙΣ ΣΟΥΦΛΙ ΤΟ 1955—1956
Κτίριον καὶ μηχανήματα καταστρέφονται

Ὁ δυναμικὸς τοῦ νομοῦ Ἔβρου κ. Βασιλειάδης ἐξέθεσε πρὸς τὴν ἐφημερίδα μας τὰ σχετικὰ μὲ τὸ ἐργοστάσιον ἀναπηνίσεως μετάξης τὸ ὁποῖον ἱδρύθη εἰς Σουφλὶ κατὰ τὰ ἔτη 1955-1956 καὶ τὸ ὁποῖον μέχρι σήμερον δὲν ἐτέθη εἰς λειτουργίαν. Τὰ κτίρια καὶ τὰ μηχανήματα καταστρέφονται ἐκ τῆς ἀχρησίας, ἐνῷ ἡ ἀνεργία εἰς τὴν περιοχὴν ὀγκοῦται.

ΔΡΙΜΥ ΚΑΤΗΓΟΡΗΤΗΡΙΟΝ ΤΗΣ ΑΝΤΙΠΟΛΙΤΕΥΣΕΩΣ ΔΙΑ ΤΗΝ ΠΛΗΡΗ ΕΓΚΑΤΑΛΕΙΨΙΝ ΤΗΣ ΕΠΑΡΧΙΑΣ
ΑΠΟΚΡΥΦΩΜΑ ΚΟΜΜΑΤΙΚΗΣ ΦΑΥΛΟΤΗΤΟΣ ΤΟ ΕΡΓΟΣΤΑΣΙΟΝ ΣΑΚΧΑΡΕΩΣ ΤΗΣ ΛΑΡΙΣΗΣ

ΑΘΗΝΑΙ, 5. Εἰς τὴν Βουλὴν συνεχίσθη ἡ συζήτησις ἐπὶ τοῦ προϋπολογισμοῦ. Ὁ βουλευτὴς τῆς ἀντιπολιτεύσεως κ. Ἀλαμάνης ἐξαπέλυσε δριμὺ κατηγορητήριον κατὰ τῆς κυβερνήσεως διὰ τὴν ἐγκατάλειψιν τῆς ἐπαρχίας. Ἐτόνισεν ὅτι τὸ ἐργοστάσιον σακχάρεως τῆς Λαρίσης ἀποτελεῖ ἀποκρύφωμα κομματικῆς φαυλότητος.

Η ΕΓΚΑΤΑΛΕΙΨΙΣ ΤΗΣ ΕΠΑΡΧΙΑΣ

Ὁ ἀγορητὴς ἀνεφέρθη εἰς τὴν οἰκονομικὴν κατάστασιν τῆς ἐπαρχίας καὶ ἐζήτησε τὴν λῆψιν ἀμέσων μέτρων διὰ τὴν ἀνακούφισιν τῶν ἀγροτῶν, οἱ ὁποῖοι ἀντιμετωπίζουν σοβαρὰ προβλήματα.

«ΚΟΜΜΑΤΙΚΗ ΦΑΥΛΟΤΗΣ»

Ὁ κ. Ἀλαμάνης ἐπέμεινεν ὅτι ἡ ἵδρυσις τοῦ ἐργοστασίου ἐγένετο μὲ κομματικὰ κριτήρια. Ἀπαντῶν ὁ ὑπουργὸς ἀπέκρουσε τὰς κατηγορίας.

ΕΙΔΙΚΑΙ ΗΜΕΡΑΙ
